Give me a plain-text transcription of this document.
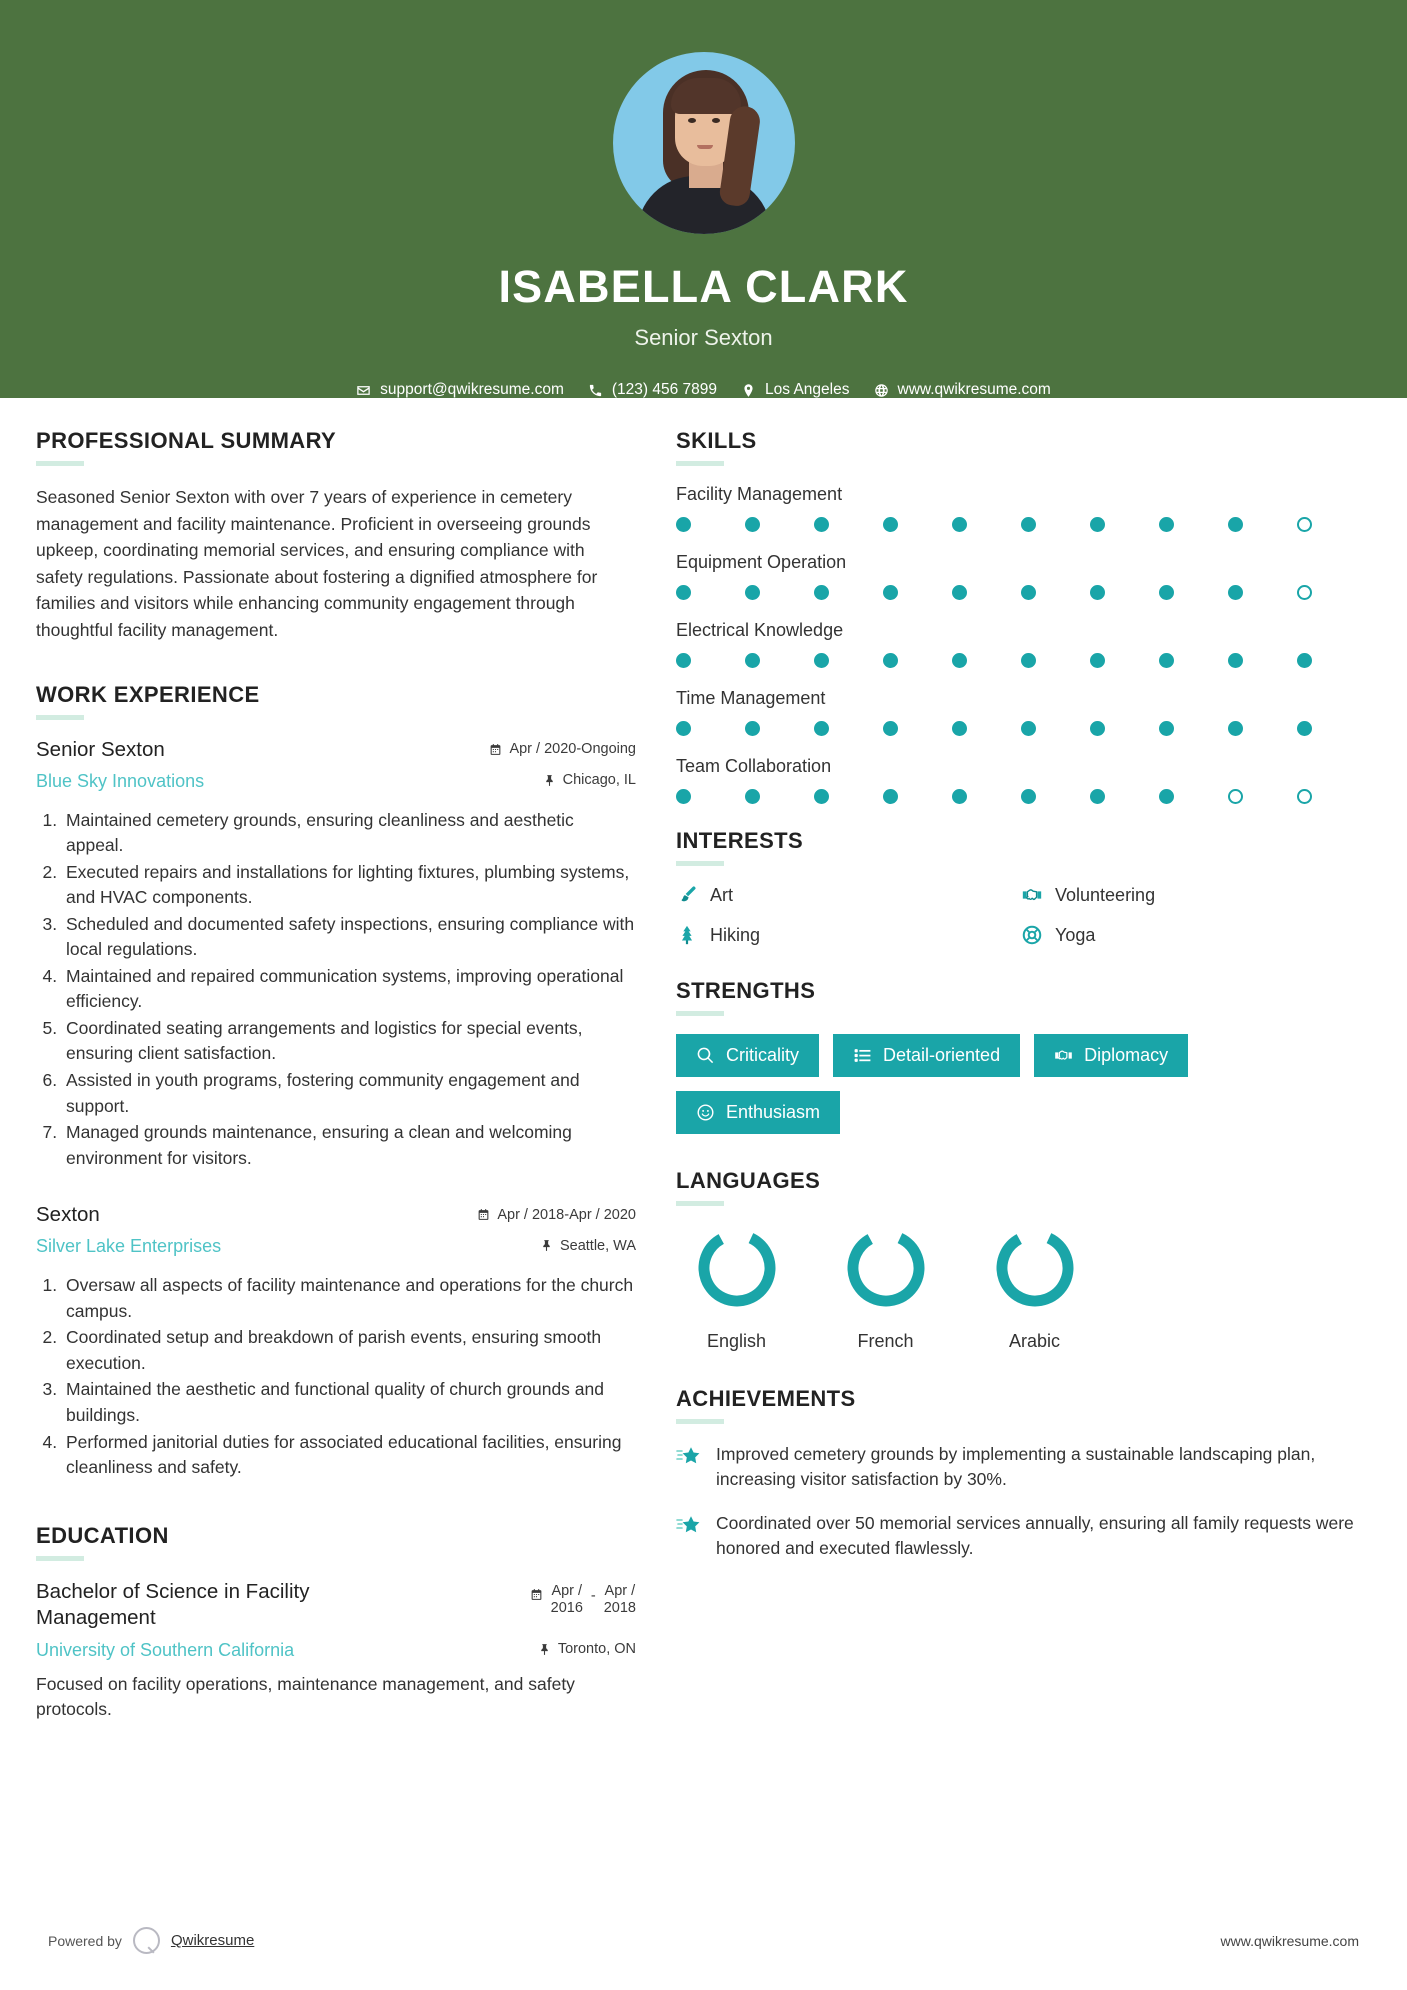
ISABELLA CLARK
Senior Sexton
support@qwikresume.com	(123) 456 7899	Los Angeles	www.qwikresume.com
PROFESSIONAL SUMMARY
Seasoned Senior Sexton with over 7 years of experience in cemetery management and facility maintenance. Proficient in overseeing grounds upkeep, coordinating memorial services, and ensuring compliance with safety regulations. Passionate about fostering a dignified atmosphere for families and visitors while enhancing community engagement through thoughtful facility management.
WORK EXPERIENCE
Senior Sexton	Apr / 2020-Ongoing
Blue Sky Innovations	Chicago, IL
1. Maintained cemetery grounds, ensuring cleanliness and aesthetic appeal.
2. Executed repairs and installations for lighting fixtures, plumbing systems, and HVAC components.
3. Scheduled and documented safety inspections, ensuring compliance with local regulations.
4. Maintained and repaired communication systems, improving operational efficiency.
5. Coordinated seating arrangements and logistics for special events, ensuring client satisfaction.
6. Assisted in youth programs, fostering community engagement and support.
7. Managed grounds maintenance, ensuring a clean and welcoming environment for visitors.
Sexton	Apr / 2018-Apr / 2020
Silver Lake Enterprises	Seattle, WA
1. Oversaw all aspects of facility maintenance and operations for the church campus.
2. Coordinated setup and breakdown of parish events, ensuring smooth execution.
3. Maintained the aesthetic and functional quality of church grounds and buildings.
4. Performed janitorial duties for associated educational facilities, ensuring cleanliness and safety.
EDUCATION
Bachelor of Science in Facility Management
Apr /
2016
- Apr /
2018
University of Southern California	Toronto, ON
Focused on facility operations, maintenance management, and safety protocols.
SKILLS
Facility Management
Equipment Operation
Electrical Knowledge
Time Management
Team Collaboration
INTERESTS
Art	Volunteering
Hiking	Yoga
STRENGTHS
Criticality	Detail-oriented	Diplomacy
Enthusiasm
LANGUAGES
English	French	Arabic
ACHIEVEMENTS
Improved cemetery grounds by implementing a sustainable landscaping plan, increasing visitor satisfaction by 30%.
Coordinated over 50 memorial services annually, ensuring all family requests were honored and executed flawlessly.
Powered by	Qwikresume	www.qwikresume.com
